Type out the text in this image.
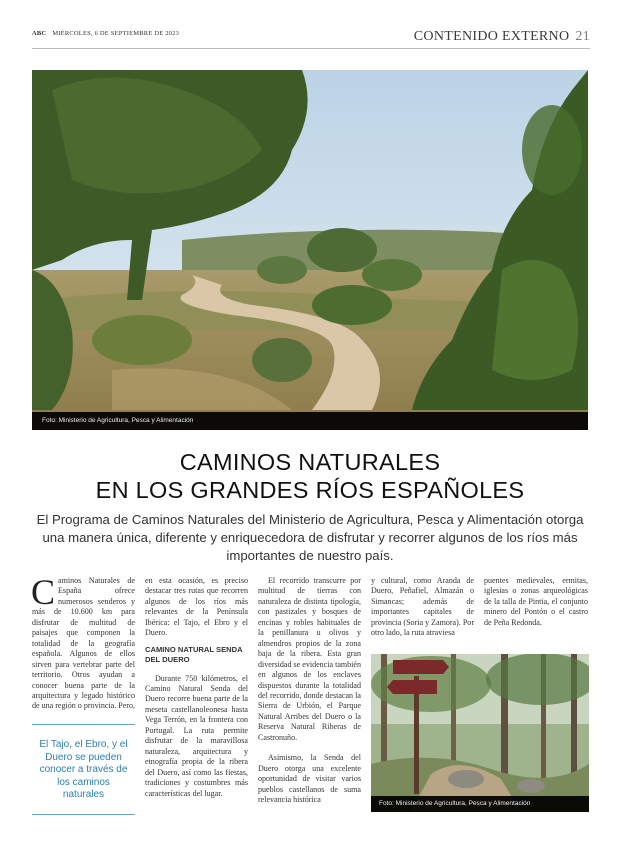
ABC MIÉRCOLES, 6 DE SEPTIEMBRE DE 2023	CONTENIDO EXTERNO 21
Foto: Ministerio de Agricultura, Pesca y Alimentación
CAMINOS NATURALES
EN LOS GRANDES RÍOS ESPAÑOLES
El Programa de Caminos Naturales del Ministerio de Agricultura, Pesca y Alimentación otorga una manera única, diferente y enriquecedora de disfrutar y recorrer algunos de los ríos más importantes de nuestro país.

Caminos Naturales de España ofrece numerosos senderos y más de 10.600 km para disfrutar de multitud de paisajes que componen la totalidad de la geografía española. Algunos de ellos sirven para vertebrar parte del territorio. Otros ayudan a conocer buena parte de la arquitectura y legado histórico de una región o provincia. Pero,

El Tajo, el Ebro, y el Duero se pueden conocer a través de los caminos naturales

en esta ocasión, es preciso destacar tres rutas que recorren algunos de los ríos más relevantes de la Península Ibérica: el Tajo, el Ebro y el Duero.

CAMINO NATURAL SENDA DEL DUERO

Durante 750 kilómetros, el Camino Natural Senda del Duero recorre buena parte de la meseta castellanoleonesa hasta Vega Terrón, en la frontera con Portugal. La ruta permite disfrutar de la maravillosa naturaleza, arquitectura y etnografía propia de la ribera del Duero, así como las fiestas, tradiciones y costumbres más características del lugar.

El recorrido transcurre por multitud de tierras con naturaleza de distinta tipología, con pastizales y bosques de encinas y robles habituales de la penillanura u olivos y almendros propios de la zona baja de la ribera. Esta gran diversidad se evidencia también en algunos de los enclaves dispuestos durante la totalidad del recorrido, donde destacan la Sierra de Urbión, el Parque Natural Arribes del Duero o la Reserva Natural Riberas de Castronuño.

Asimismo, la Senda del Duero otorga una excelente oportunidad de visitar varios pueblos castellanos de suma relevancia histórica

y cultural, como Aranda de Duero, Peñafiel, Almazán o Simancas; además de importantes capitales de provincia (Soria y Zamora). Por otro lado, la ruta atraviesa

puentes medievales, ermitas, iglesias o zonas arqueológicas de la talla de Pintia, el conjunto minero del Pontón o el castro de Peña Redonda.

Foto: Ministerio de Agricultura, Pesca y Alimentación
